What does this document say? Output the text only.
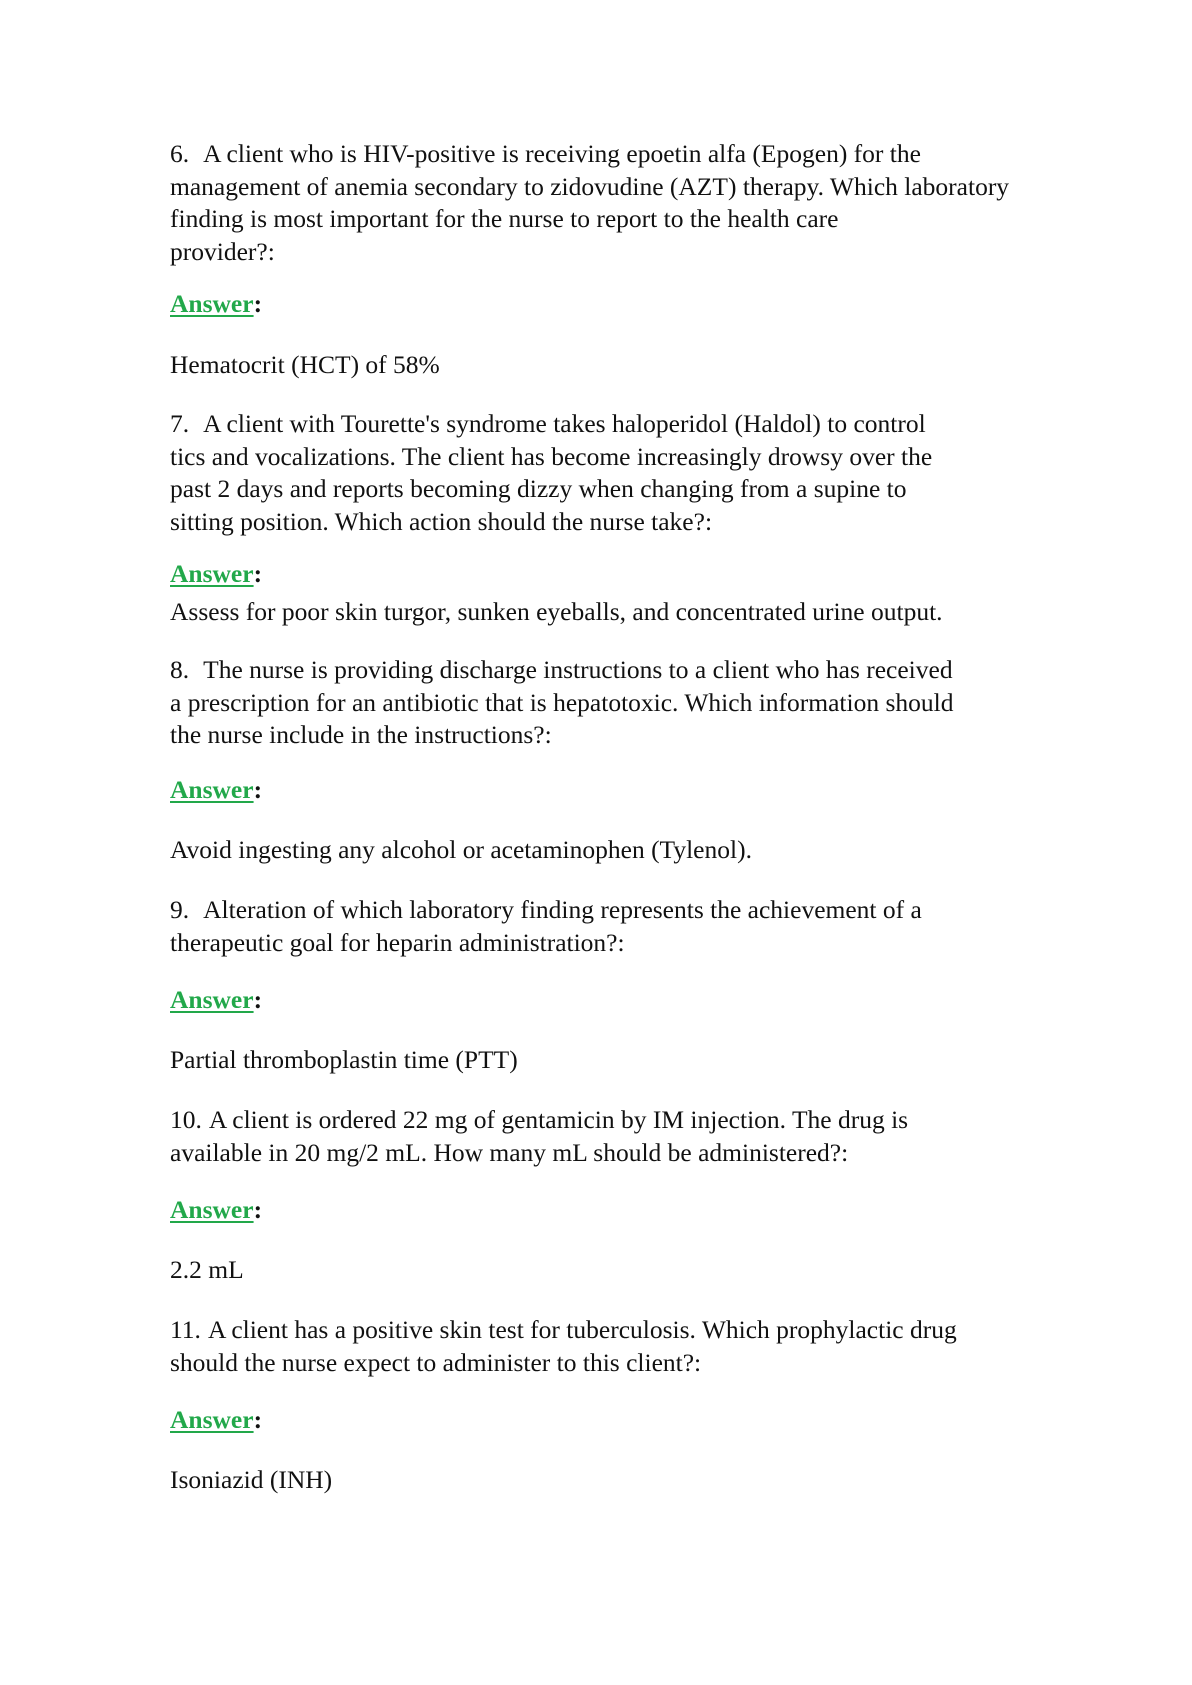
6. A client who is HIV-positive is receiving epoetin alfa (Epogen) for the
management of anemia secondary to zidovudine (AZT) therapy. Which laboratory
finding is most important for the nurse to report to the health care
provider?:

Answer:

Hematocrit (HCT) of 58%

7. A client with Tourette's syndrome takes haloperidol (Haldol) to control
tics and vocalizations. The client has become increasingly drowsy over the
past 2 days and reports becoming dizzy when changing from a supine to
sitting position. Which action should the nurse take?:

Answer:

Assess for poor skin turgor, sunken eyeballs, and concentrated urine output.

8. The nurse is providing discharge instructions to a client who has received
a prescription for an antibiotic that is hepatotoxic. Which information should
the nurse include in the instructions?:

Answer:

Avoid ingesting any alcohol or acetaminophen (Tylenol).

9. Alteration of which laboratory finding represents the achievement of a
therapeutic goal for heparin administration?:

Answer:

Partial thromboplastin time (PTT)

10. A client is ordered 22 mg of gentamicin by IM injection. The drug is
available in 20 mg/2 mL. How many mL should be administered?:

Answer:

2.2 mL

11. A client has a positive skin test for tuberculosis. Which prophylactic drug
should the nurse expect to administer to this client?:

Answer:

Isoniazid (INH)
